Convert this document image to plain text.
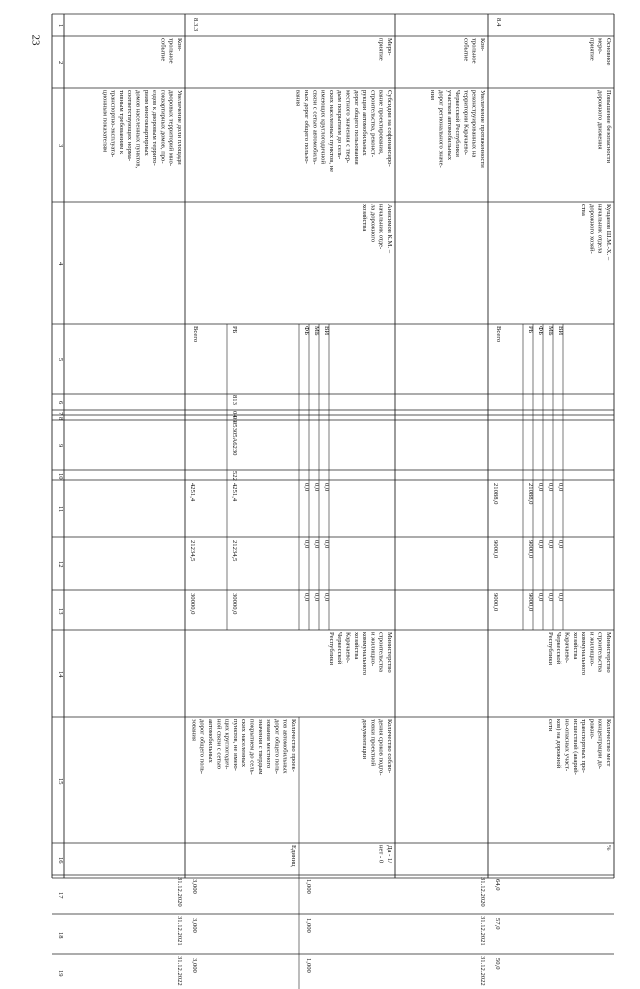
23
1
2
3
4
5
6
7
8
9
10
11
12
13
14
15
16
17
18
19
Кон-
трольное
событие
Увеличение доли площади
дворовых территорий мно-
гоквартирных домов, про-
ездов к дворовым террито-
риям многоквартирных
домов населенных пунктов,
соответствующих норма-
тивным требованиям к
транспортно-эксплуата-
ционным показателям
31.12.2020
31.12.2021
31.12.2022
8.3.3
Меро-
приятие
Субсидии на софинансиро-
вание проектирования,
строительства, реконст-
рукции автомобильных
дорог общего пользования
местного значения с твер-
дым покрытием до сель-
ских населенных пунктов, не
имеющих круглогодичной
связи с сетью автомобиль-
ных дорог общего пользо-
вания
Анисимов К.М. –
начальник отде-
ла дорожного
хозяйства
Всего
4251,4
21234,5
30000,0
РБ
4251,4
21234,5
30000,0
ФБ
0,0
0,0
0,0
МБ
0,0
0,0
0,0
ВИ
0,0
0,0
0,0
813
04
09
05305A6230
522
Министерство
строительства
и жилищно-
коммунального
хозяйства
Карачаево-
Черкесской
Республики
Количество проек-
тов автомобильных
дорог общего поль-
зования местного
значения с твердым
покрытием до сель-
ских населенных
пунктов, не имею-
щих круглогодич-
ной связи с сетью
автомобильных
дорог общего поль-
зования
Единиц
3,000
3,000
3,000
Количество соблю-
дения сроков подго-
товки проектной
документации
Да - 1/
нет - 0
1,000
1,000
1,000
Кон-
трольное
событие
Увеличение протяженности
реконструированных на
территории Карачаево-
Черкесской Республики
участков автомобильных
дорог регионального значе-
ния
31.12.2020
31.12.2021
31.12.2022
8.4
Основное
меро-
приятие
Повышение безопасности
дорожного движения
Кущанов Ш.М.-Х. –
начальник отдела
дорожного хозяй-
ства
Всего
21088,0
9000,0
9000,0
РБ
21088,0
9000,0
9000,0
ФБ
0,0
0,0
0,0
МБ
0,0
0,0
0,0
ВИ
0,0
0,0
0,0
Министерство
строительства
и жилищно-
коммунального
хозяйства
Карачаево-
Черкесской
Республики
Количество мест
концентрации до-
рожно-
транспортных про-
исшествий (аварий-
но-опасных участ-
ков) на дорожной
сети
%
64,0
57,0
50,0
